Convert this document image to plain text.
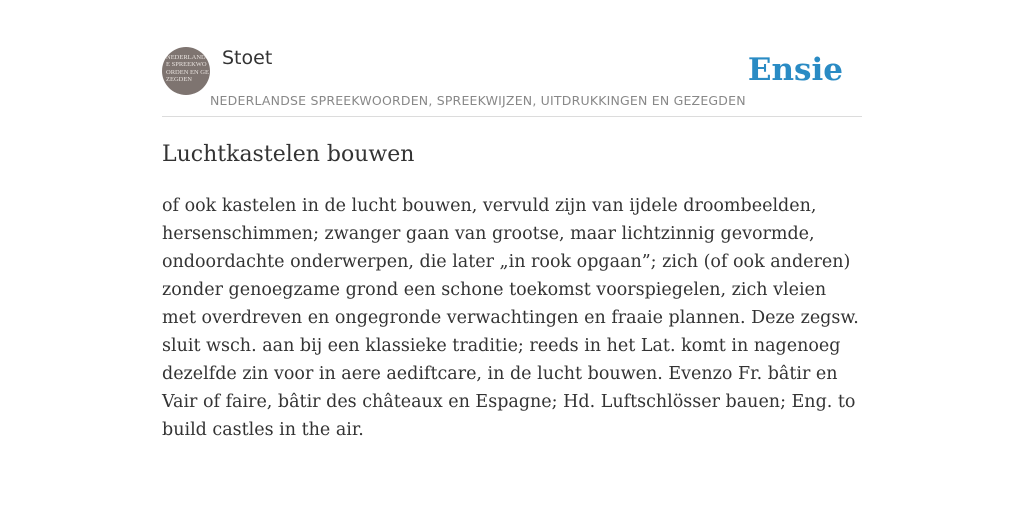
NEDERLANDSE SPREEKWOORDEN EN GEZEGDEN
Stoet
NEDERLANDSE SPREEKWOORDEN, SPREEKWIJZEN, UITDRUKKINGEN EN GEZEGDEN
Ensie
Luchtkastelen bouwen

of ook kastelen in de lucht bouwen, vervuld zijn van ijdele droombeelden, hersenschimmen; zwanger gaan van grootse, maar lichtzinnig gevormde, ondoordachte onderwerpen, die later „in rook opgaan”; zich (of ook anderen) zonder genoegzame grond een schone toekomst voorspiegelen, zich vleien met overdreven en ongegronde verwachtingen en fraaie plannen. Deze zegsw. sluit wsch. aan bij een klassieke traditie; reeds in het Lat. komt in nagenoeg dezelfde zin voor in aere aediftcare, in de lucht bouwen. Evenzo Fr. bâtir en Vair of faire, bâtir des châteaux en Espagne; Hd. Luftschlösser bauen; Eng. to build castles in the air.
